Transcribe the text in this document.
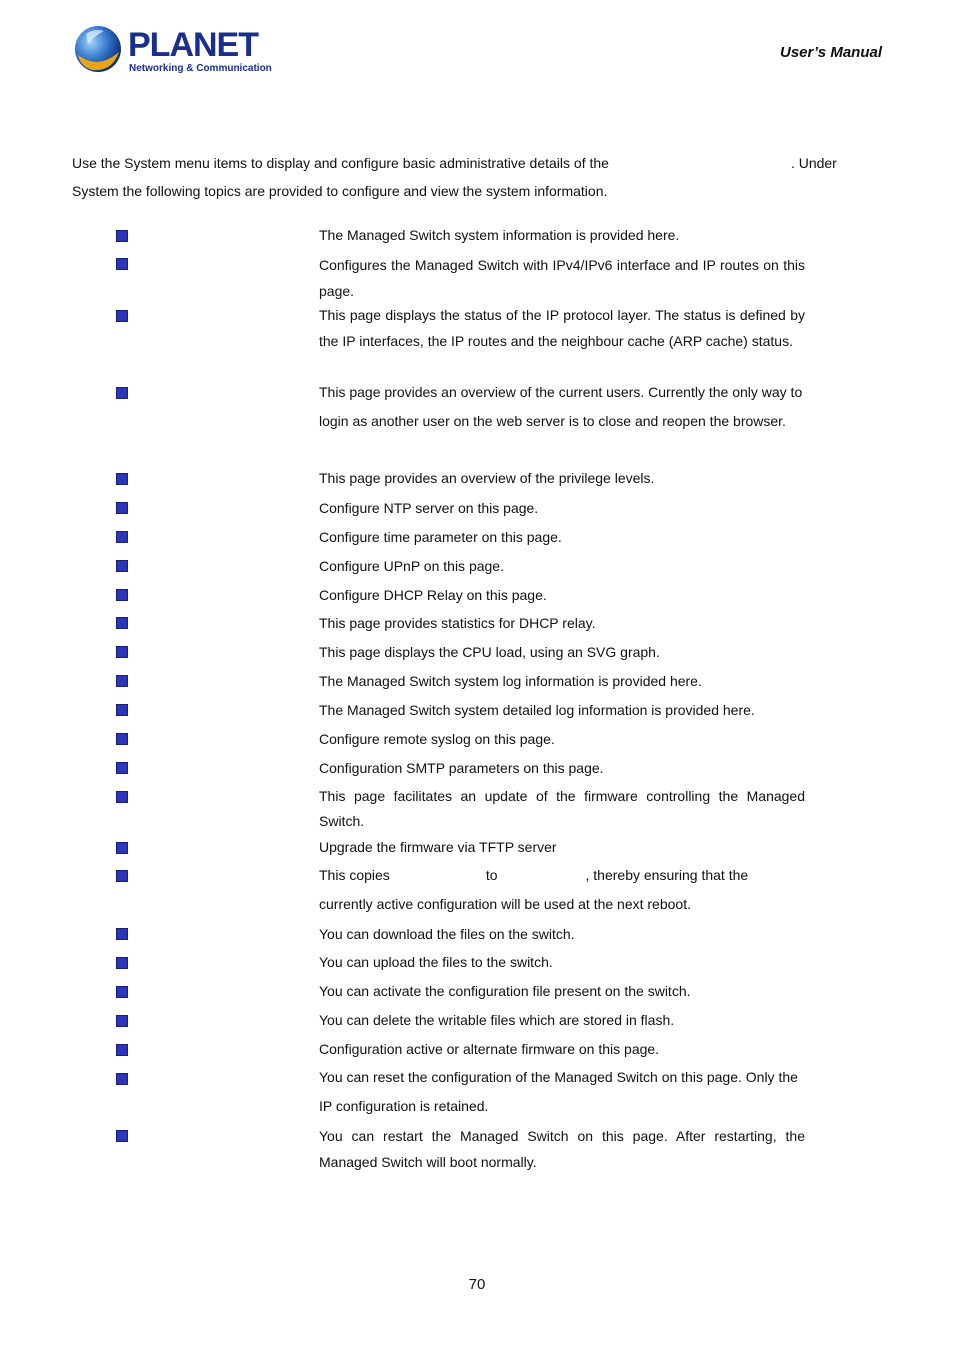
PLANET
Networking & Communication
User’s Manual

Use the System menu items to display and configure basic administrative details of the	. Under System the following topics are provided to configure and view the system information.

The Managed Switch system information is provided here.

Configures the Managed Switch with IPv4/IPv6 interface and IP routes on this page.

This page displays the status of the IP protocol layer. The status is defined by the IP interfaces, the IP routes and the neighbour cache (ARP cache) status.

This page provides an overview of the current users. Currently the only way to login as another user on the web server is to close and reopen the browser.

This page provides an overview of the privilege levels.

Configure NTP server on this page.

Configure time parameter on this page.

Configure UPnP on this page.

Configure DHCP Relay on this page.

This page provides statistics for DHCP relay.

This page displays the CPU load, using an SVG graph.

The Managed Switch system log information is provided here.

The Managed Switch system detailed log information is provided here.

Configure remote syslog on this page.

Configuration SMTP parameters on this page.

This page facilitates an update of the firmware controlling the Managed Switch.

Upgrade the firmware via TFTP server

This copies	to	, thereby ensuring that the currently active configuration will be used at the next reboot.

You can download the files on the switch.

You can upload the files to the switch.

You can activate the configuration file present on the switch.

You can delete the writable files which are stored in flash.

Configuration active or alternate firmware on this page.

You can reset the configuration of the Managed Switch on this page. Only the IP configuration is retained.

You can restart the Managed Switch on this page. After restarting, the Managed Switch will boot normally.

70
